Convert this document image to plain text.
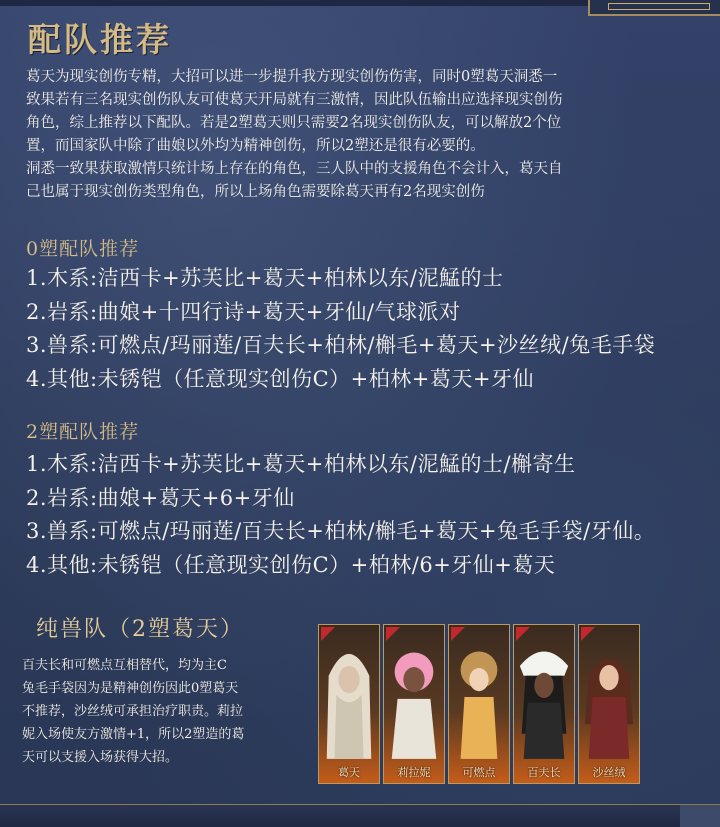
配队推荐

葛天为现实创伤专精，大招可以进一步提升我方现实创伤伤害，同时0塑葛天洞悉一

致果若有三名现实创伤队友可使葛天开局就有三激情，因此队伍输出应选择现实创伤

角色，综上推荐以下配队。若是2塑葛天则只需要2名现实创伤队友，可以解放2个位

置，而国家队中除了曲娘以外均为精神创伤，所以2塑还是很有必要的。

洞悉一致果获取激情只统计场上存在的角色，三人队中的支援角色不会计入，葛天自

己也属于现实创伤类型角色，所以上场角色需要除葛天再有2名现实创伤

0塑配队推荐
1.木系:洁西卡+苏芙比+葛天+柏林以东/泥鯭的士
2.岩系:曲娘+十四行诗+葛天+牙仙/气球派对
3.兽系:可燃点/玛丽莲/百夫长+柏林/槲毛+葛天+沙丝绒/兔毛手袋
4.其他:未锈铠（任意现实创伤C）+柏林+葛天+牙仙
2塑配队推荐
1.木系:洁西卡+苏芙比+葛天+柏林以东/泥鯭的士/槲寄生
2.岩系:曲娘+葛天+6+牙仙
3.兽系:可燃点/玛丽莲/百夫长+柏林/槲毛+葛天+兔毛手袋/牙仙。
4.其他:未锈铠（任意现实创伤C）+柏林/6+牙仙+葛天
纯兽队（2塑葛天）
百夫长和可燃点互相替代，均为主C
兔毛手袋因为是精神创伤因此0塑葛天
不推荐，沙丝绒可承担治疗职责。莉拉
妮入场使友方激情+1，所以2塑造的葛
天可以支援入场获得大招。
葛天	莉拉妮	可燃点	百夫长	沙丝绒
